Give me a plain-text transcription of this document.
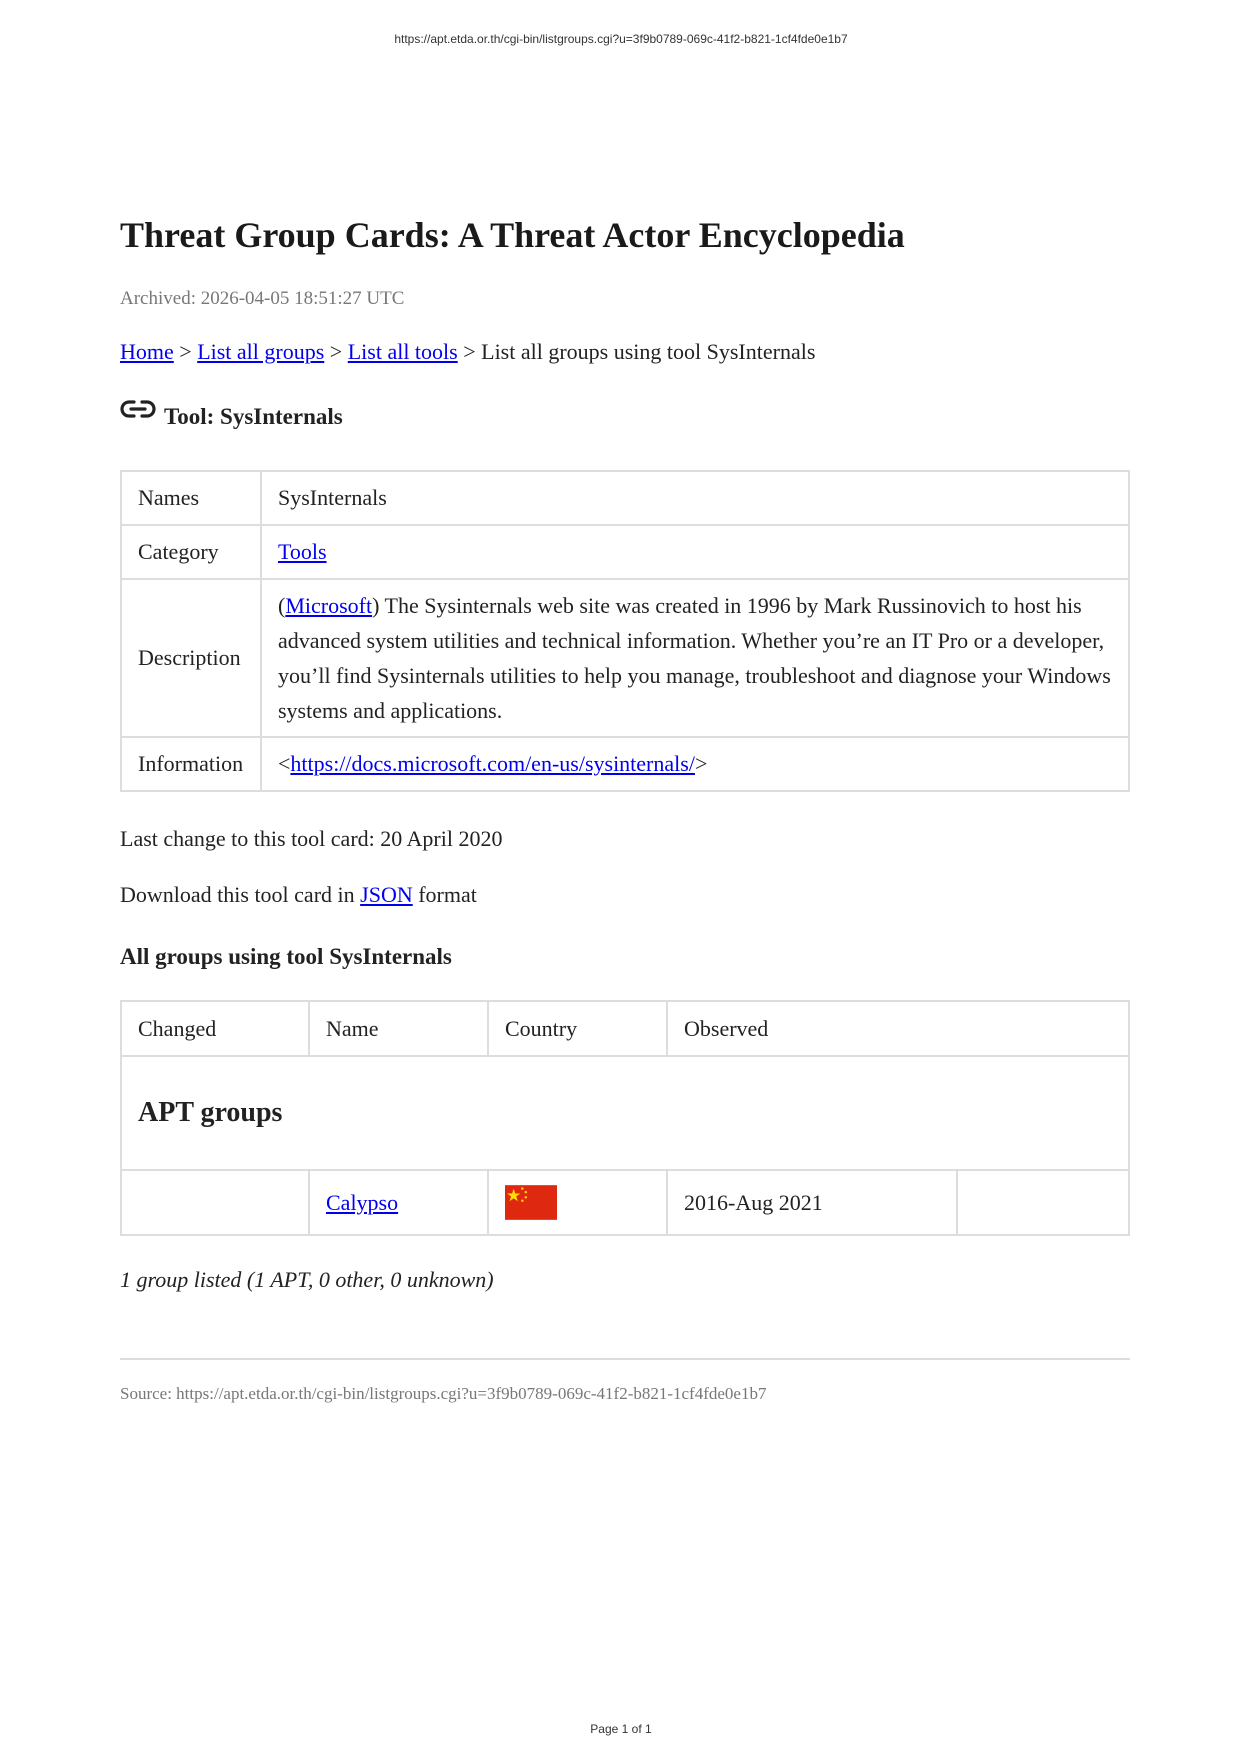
https://apt.etda.or.th/cgi-bin/listgroups.cgi?u=3f9b0789-069c-41f2-b821-1cf4fde0e1b7
Threat Group Cards: A Threat Actor Encyclopedia
Archived: 2026-04-05 18:51:27 UTC
Home > List all groups > List all tools > List all groups using tool SysInternals
Tool: SysInternals
Names	SysInternals
Category	Tools
Description	(Microsoft) The Sysinternals web site was created in 1996 by Mark Russinovich to host his advanced system utilities and technical information. Whether you’re an IT Pro or a developer, you’ll find Sysinternals utilities to help you manage, troubleshoot and diagnose your Windows systems and applications.
Information	<https://docs.microsoft.com/en-us/sysinternals/>
Last change to this tool card: 20 April 2020
Download this tool card in JSON format
All groups using tool SysInternals
Changed	Name	Country	Observed	
APT groups				
	Calypso		2016-Aug 2021	
1 group listed (1 APT, 0 other, 0 unknown)
Source: https://apt.etda.or.th/cgi-bin/listgroups.cgi?u=3f9b0789-069c-41f2-b821-1cf4fde0e1b7
Page 1 of 1
